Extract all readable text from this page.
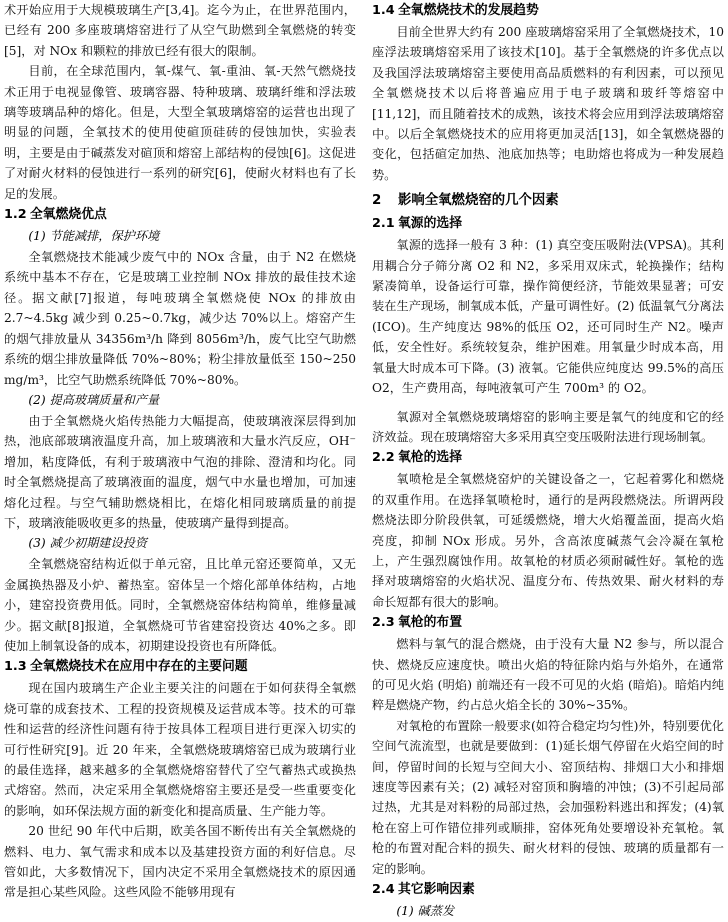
术开始应用于大规模玻璃生产[3,4]。迄今为止，在世界范围内，已经有 200 多座玻璃熔窑进行了从空气助燃到全氧燃烧的转变[5]，对 NOx 和颗粒的排放已经有很大的限制。

目前，在全球范围内，氧-煤气、氧-重油、氧-天然气燃烧技术正用于电视显像管、玻璃容器、特种玻璃、玻璃纤维和浮法玻璃等玻璃品种的熔化。但是，大型全氧玻璃熔窑的运营也出现了明显的问题，全氧技术的使用使碹顶硅砖的侵蚀加快，实验表明，主要是由于碱蒸发对碹顶和熔窑上部结构的侵蚀[6]。这促进了对耐火材料的侵蚀进行一系列的研究[6]，使耐火材料也有了长足的发展。

1.2 全氧燃烧优点
(1) 节能减排，保护环境

全氧燃烧技术能减少废气中的 NOx 含量，由于 N2 在燃烧系统中基本不存在，它是玻璃工业控制 NOx 排放的最佳技术途径。据文献[7]报道，每吨玻璃全氧燃烧使 NOx 的排放由 2.7~4.5kg 减少到 0.25~0.7kg，减少达 70%以上。熔窑产生的烟气排放量从 34356m³/h 降到 8056m³/h，废气比空气助燃系统的烟尘排放量降低 70%~80%；粉尘排放量低至 150~250 mg/m³，比空气助燃系统降低 70%~80%。

(2) 提高玻璃质量和产量

由于全氧燃烧火焰传热能力大幅提高，使玻璃液深层得到加热，池底部玻璃液温度升高，加上玻璃液和大量水汽反应，OH⁻增加，粘度降低，有利于玻璃液中气泡的排除、澄清和均化。同时全氧燃烧提高了玻璃液面的温度，烟气中水量也增加，可加速熔化过程。与空气辅助燃烧相比，在熔化相同玻璃质量的前提下，玻璃液能吸收更多的热量，使玻璃产量得到提高。

(3) 减少初期建设投资

全氧燃烧窑结构近似于单元窑，且比单元窑还要简单，又无金属换热器及小炉、蓄热室。窑体呈一个熔化部单体结构，占地小，建窑投资费用低。同时，全氧燃烧窑体结构简单，维修量减少。据文献[8]报道，全氧燃烧可节省建窑投资达 40%之多。即使加上制氧设备的成本，初期建设投资也有所降低。

1.3 全氧燃烧技术在应用中存在的主要问题

现在国内玻璃生产企业主要关注的问题在于如何获得全氧燃烧可靠的成套技术、工程的投资规模及运营成本等。技术的可靠性和运营的经济性问题有待于按具体工程项目进行更深入切实的可行性研究[9]。近 20 年来，全氧燃烧玻璃熔窑已成为玻璃行业的最佳选择，越来越多的全氧燃烧熔窑替代了空气蓄热式或换热式熔窑。然而，决定采用全氧燃烧熔窑主要还是受一些重要变化的影响，如环保法规方面的新变化和提高质量、生产能力等。

20 世纪 90 年代中后期，欧美各国不断传出有关全氧燃烧的燃料、电力、氧气需求和成本以及基建投资方面的利好信息。尽管如此，大多数情况下，国内决定不采用全氧燃烧技术的原因通常是担心某些风险。这些风险不能够用现有

1.4 全氧燃烧技术的发展趋势

目前全世界大约有 200 座玻璃熔窑采用了全氧燃烧技术，10 座浮法玻璃熔窑采用了该技术[10]。基于全氧燃烧的许多优点以及我国浮法玻璃熔窑主要使用高品质燃料的有利因素，可以预见全氧燃烧技术以后将普遍应用于电子玻璃和玻纤等熔窑中[11,12]，而且随着技术的成熟，该技术将会应用到浮法玻璃熔窑中。以后全氧燃烧技术的应用将更加灵活[13]，如全氧燃烧器的变化，包括碹定加热、池底加热等；电助熔也将成为一种发展趋势。

2 影响全氧燃烧窑的几个因素
2.1 氧源的选择

氧源的选择一般有 3 种：(1) 真空变压吸附法(VPSA)。其利用耦合分子筛分离 O2 和 N2，多采用双床式，轮换操作；结构紧凑简单，设备运行可靠，操作简便经济，节能效果显著；可安装在生产现场，制氧成本低，产量可调性好。(2) 低温氧气分离法 (ICO)。生产纯度达 98%的低压 O2，还可同时生产 N2。噪声低，安全性好。系统较复杂，维护困难。用氧量少时成本高，用氧量大时成本可下降。(3) 液氧。它能供应纯度达 99.5%的高压 O2，生产费用高，每吨液氧可产生 700m³ 的 O2。

氧源对全氧燃烧玻璃熔窑的影响主要是氧气的纯度和它的经济效益。现在玻璃熔窑大多采用真空变压吸附法进行现场制氧。

2.2 氧枪的选择

氧喷枪是全氧燃烧窑炉的关键设备之一，它起着雾化和燃烧的双重作用。在选择氧喷枪时，通行的是两段燃烧法。所谓两段燃烧法即分阶段供氧，可延缓燃烧，增大火焰覆盖面，提高火焰亮度，抑制 NOx 形成。另外，含高浓度碱蒸气会冷凝在氧枪上，产生强烈腐蚀作用。故氧枪的材质必须耐碱性好。氧枪的选择对玻璃熔窑的火焰状况、温度分布、传热效果、耐火材料的寿命长短都有很大的影响。

2.3 氧枪的布置

燃料与氧气的混合燃烧，由于没有大量 N2 参与，所以混合快、燃烧反应速度快。喷出火焰的特征除内焰与外焰外，在通常的可见火焰 (明焰) 前端还有一段不可见的火焰 (暗焰)。暗焰内纯粹是燃烧产物，约占总火焰全长的 30%~35%。

对氧枪的布置除一般要求(如符合稳定均匀性)外，特别要优化空间气流流型，也就是要做到：(1)延长烟气停留在火焰空间的时间，停留时间的长短与空间大小、窑顶结构、排烟口大小和排烟速度等因素有关；(2) 减轻对窑顶和胸墙的冲蚀；(3)不引起局部过热，尤其是对料粉的局部过热，会加强粉料逃出和挥发；(4)氧枪在窑上可作错位排列或顺排，窑体死角处要增设补充氧枪。氧枪的布置对配合料的损失、耐火材料的侵蚀、玻璃的质量都有一定的影响。

2.4 其它影响因素
(1) 碱蒸发
